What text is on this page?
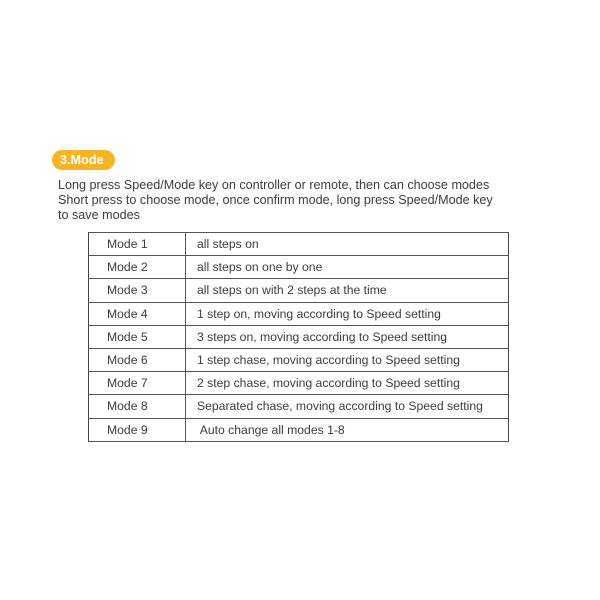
3.Mode
Long press Speed/Mode key on controller or remote, then can choose modes
Short press to choose mode, once confirm mode, long press Speed/Mode key
to save modes
Mode 1	all steps on
Mode 2	all steps on one by one
Mode 3	all steps on with 2 steps at the time
Mode 4	1 step on, moving according to Speed setting
Mode 5	3 steps on, moving according to Speed setting
Mode 6	1 step chase, moving according to Speed setting
Mode 7	2 step chase, moving according to Speed setting
Mode 8	Separated chase, moving according to Speed setting
Mode 9	Auto change all modes 1-8
